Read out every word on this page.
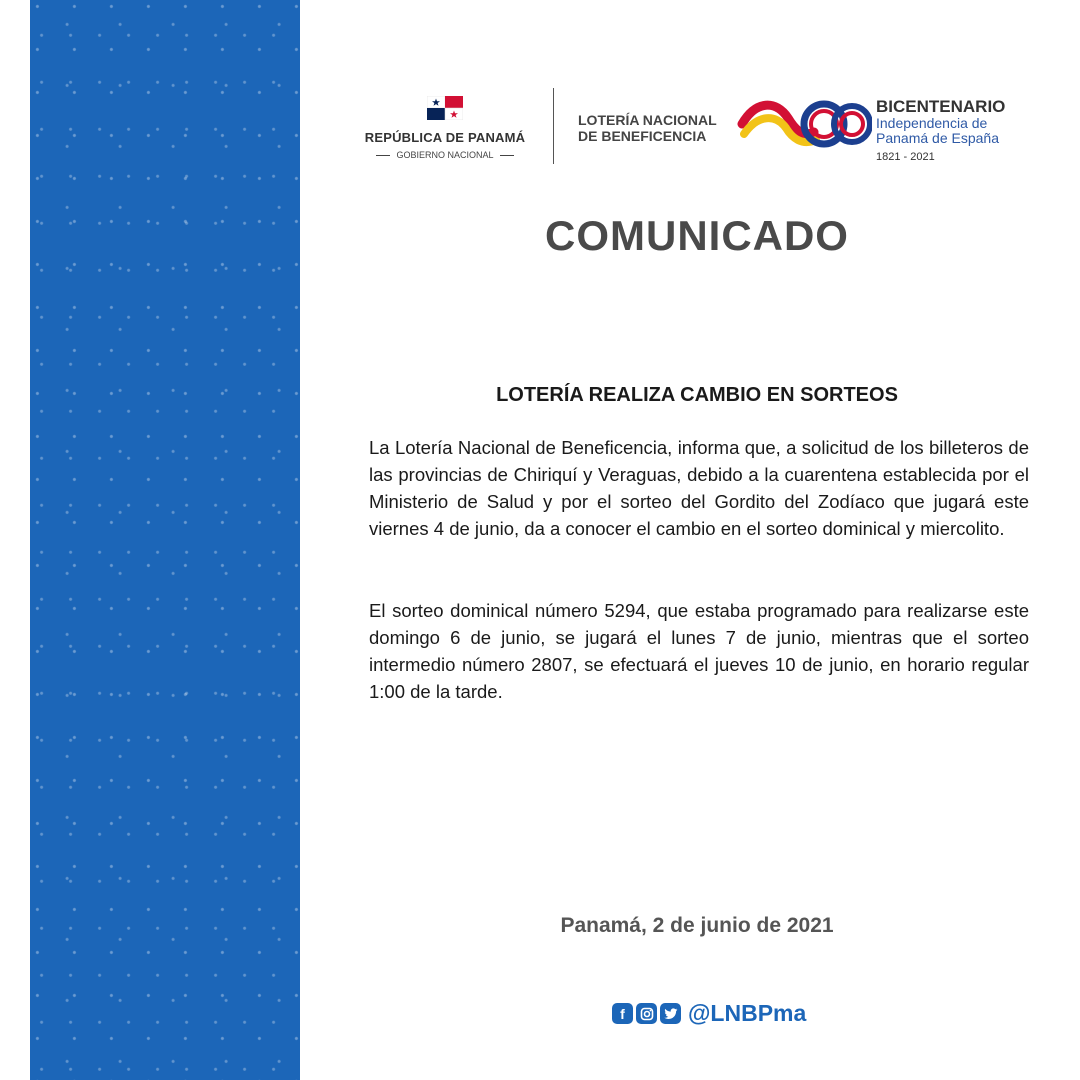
REPÚBLICA DE PANAMÁ
GOBIERNO NACIONAL
LOTERÍA NACIONAL
DE BENEFICENCIA
BICENTENARIO
Independencia de
Panamá de España
1821 - 2021
COMUNICADO
LOTERÍA REALIZA CAMBIO EN SORTEOS

La Lotería Nacional de Beneficencia, informa que, a solicitud de los billeteros de las provincias de Chiriquí y Veraguas, debido a la cuarentena establecida por el Ministerio de Salud y por el sorteo del Gordito del Zodíaco que jugará este viernes 4 de junio, da a conocer el cambio en el sorteo dominical y miercolito.

El sorteo dominical número 5294, que estaba programado para realizarse este domingo 6 de junio, se jugará el lunes 7 de junio, mientras que el sorteo intermedio número 2807, se efectuará el jueves 10 de junio, en horario regular 1:00 de la tarde.

Panamá, 2 de junio de 2021
f	@LNBPma
